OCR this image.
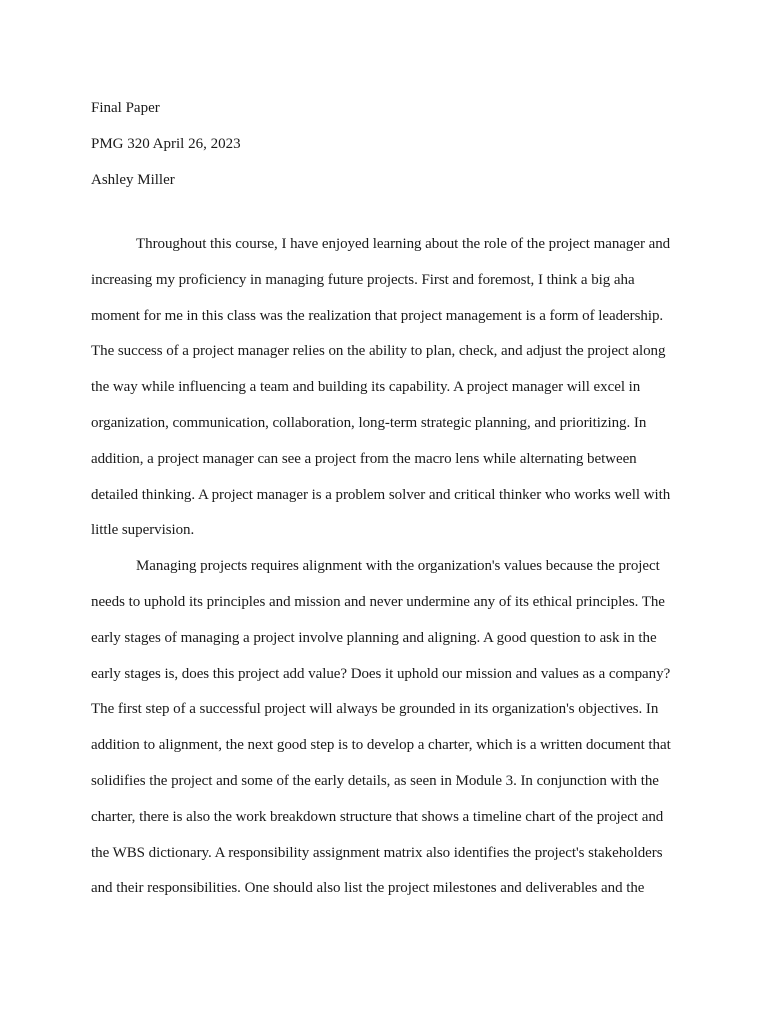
Final Paper
PMG 320 April 26, 2023
Ashley Miller
Throughout this course, I have enjoyed learning about the role of the project manager and
increasing my proficiency in managing future projects. First and foremost, I think a big aha
moment for me in this class was the realization that project management is a form of leadership.
The success of a project manager relies on the ability to plan, check, and adjust the project along
the way while influencing a team and building its capability. A project manager will excel in
organization, communication, collaboration, long-term strategic planning, and prioritizing. In
addition, a project manager can see a project from the macro lens while alternating between
detailed thinking. A project manager is a problem solver and critical thinker who works well with
little supervision.
Managing projects requires alignment with the organization's values because the project
needs to uphold its principles and mission and never undermine any of its ethical principles. The
early stages of managing a project involve planning and aligning. A good question to ask in the
early stages is, does this project add value? Does it uphold our mission and values as a company?
The first step of a successful project will always be grounded in its organization's objectives. In
addition to alignment, the next good step is to develop a charter, which is a written document that
solidifies the project and some of the early details, as seen in Module 3. In conjunction with the
charter, there is also the work breakdown structure that shows a timeline chart of the project and
the WBS dictionary. A responsibility assignment matrix also identifies the project's stakeholders
and their responsibilities. One should also list the project milestones and deliverables and the
